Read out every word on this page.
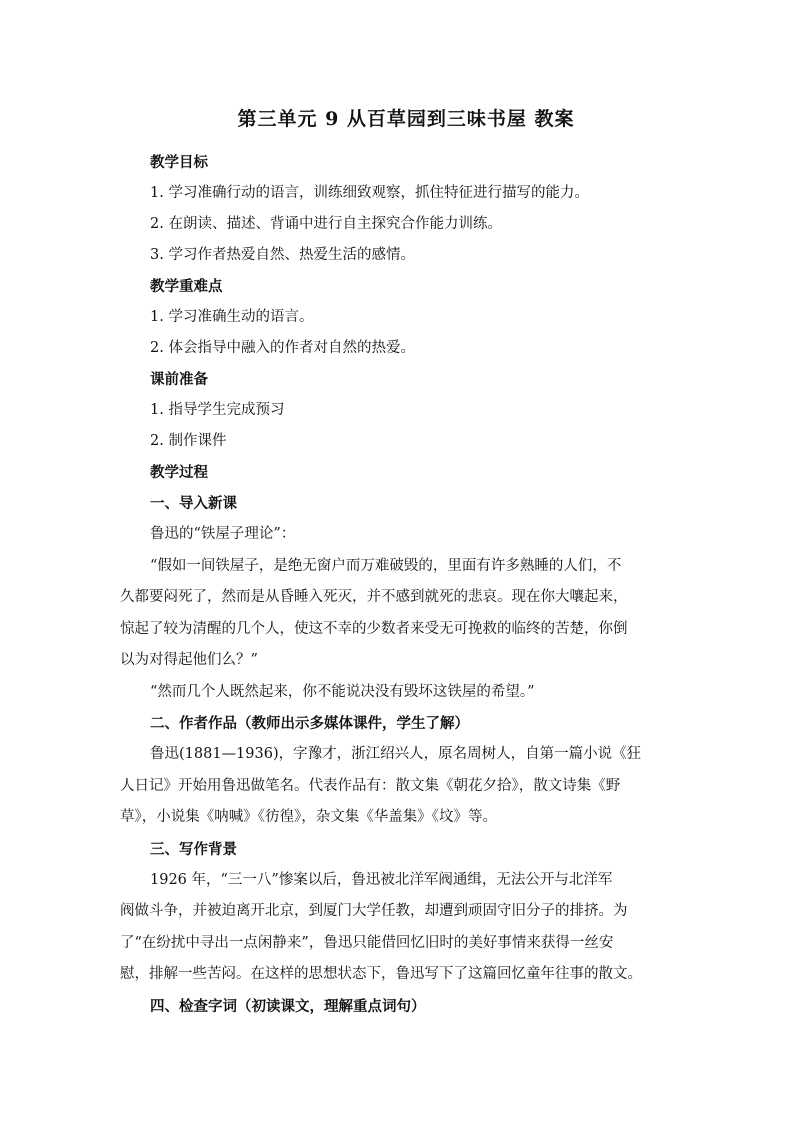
第三单元 9 从百草园到三味书屋 教案
教学目标
1. 学习准确行动的语言，训练细致观察，抓住特征进行描写的能力。
2. 在朗读、描述、背诵中进行自主探究合作能力训练。
3. 学习作者热爱自然、热爱生活的感情。
教学重难点
1. 学习准确生动的语言。
2. 体会指导中融入的作者对自然的热爱。
课前准备
1. 指导学生完成预习
2. 制作课件
教学过程
一、导入新课
鲁迅的“铁屋子理论”：
“假如一间铁屋子，是绝无窗户而万难破毁的，里面有许多熟睡的人们，不
久都要闷死了，然而是从昏睡入死灭，并不感到就死的悲哀。现在你大嚷起来，
惊起了较为清醒的几个人，使这不幸的少数者来受无可挽救的临终的苦楚，你倒
以为对得起他们么？”
“然而几个人既然起来，你不能说决没有毁坏这铁屋的希望。”
二、作者作品（教师出示多媒体课件，学生了解）
鲁迅(1881—1936)，字豫才，浙江绍兴人，原名周树人，自第一篇小说《狂
人日记》开始用鲁迅做笔名。代表作品有：散文集《朝花夕拾》，散文诗集《野
草》，小说集《呐喊》《彷徨》，杂文集《华盖集》《坟》等。
三、写作背景
1926 年，“三一八”惨案以后，鲁迅被北洋军阀通缉，无法公开与北洋军
阀做斗争，并被迫离开北京，到厦门大学任教，却遭到顽固守旧分子的排挤。为
了“在纷扰中寻出一点闲静来”，鲁迅只能借回忆旧时的美好事情来获得一丝安
慰，排解一些苦闷。在这样的思想状态下，鲁迅写下了这篇回忆童年往事的散文。
四、检查字词（初读课文，理解重点词句）
